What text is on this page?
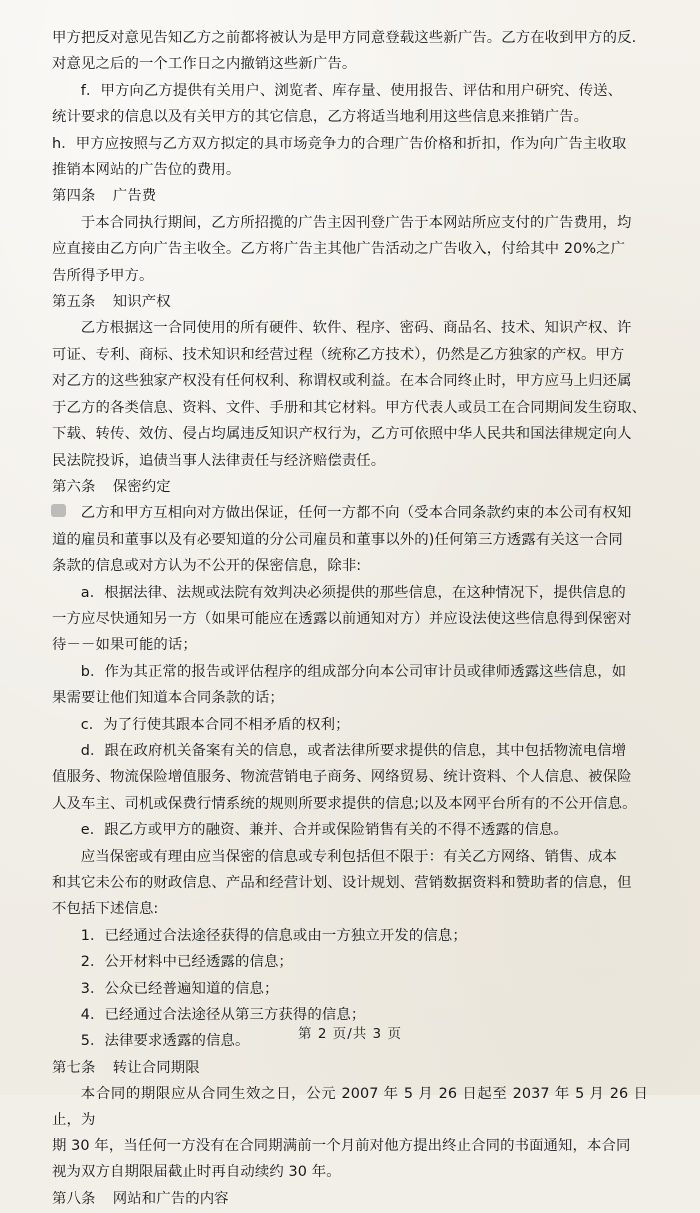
甲方把反对意见告知乙方之前都将被认为是甲方同意登载这些新广告。乙方在收到甲方的反.

对意见之后的一个工作日之内撤销这些新广告。

f．甲方向乙方提供有关用户、浏览者、库存量、使用报告、评估和用户研究、传送、

统计要求的信息以及有关甲方的其它信息，乙方将适当地利用这些信息来推销广告。

h．甲方应按照与乙方双方拟定的具市场竞争力的合理广告价格和折扣，作为向广告主收取

推销本网站的广告位的费用。

第四条 广告费

于本合同执行期间，乙方所招揽的广告主因刊登广告于本网站所应支付的广告费用，均

应直接由乙方向广告主收全。乙方将广告主其他广告活动之广告收入，付给其中 20%之广

告所得予甲方。

第五条 知识产权

乙方根据这一合同使用的所有硬件、软件、程序、密码、商品名、技术、知识产权、许

可证、专利、商标、技术知识和经营过程（统称乙方技术），仍然是乙方独家的产权。甲方

对乙方的这些独家产权没有任何权利、称谓权或利益。在本合同终止时，甲方应马上归还属

于乙方的各类信息、资料、文件、手册和其它材料。甲方代表人或员工在合同期间发生窃取、

下载、转传、效仿、侵占均属违反知识产权行为，乙方可依照中华人民共和国法律规定向人

民法院投诉，追债当事人法律责任与经济赔偿责任。

第六条 保密约定

乙方和甲方互相向对方做出保证，任何一方都不向（受本合同条款约束的本公司有权知

道的雇员和董事以及有必要知道的分公司雇员和董事以外的)任何第三方透露有关这一合同

条款的信息或对方认为不公开的保密信息，除非:

a．根据法律、法规或法院有效判决必须提供的那些信息，在这种情况下，提供信息的

一方应尽快通知另一方（如果可能应在透露以前通知对方）并应设法使这些信息得到保密对

待－－如果可能的话；

b．作为其正常的报告或评估程序的组成部分向本公司审计员或律师透露这些信息，如

果需要让他们知道本合同条款的话；

c．为了行使其跟本合同不相矛盾的权利；

d．跟在政府机关备案有关的信息，或者法律所要求提供的信息，其中包括物流电信增

值服务、物流保险增值服务、物流营销电子商务、网络贸易、统计资料、个人信息、被保险

人及车主、司机或保费行情系统的规则所要求提供的信息;以及本网平台所有的不公开信息。

e．跟乙方或甲方的融资、兼并、合并或保险销售有关的不得不透露的信息。

应当保密或有理由应当保密的信息或专利包括但不限于：有关乙方网络、销售、成本

和其它未公布的财政信息、产品和经营计划、设计规划、营销数据资料和赞助者的信息，但

不包括下述信息:

1．已经通过合法途径获得的信息或由一方独立开发的信息；

2．公开材料中已经透露的信息；

3．公众已经普遍知道的信息；

4．已经通过合法途径从第三方获得的信息；

5．法律要求透露的信息。

第七条 转让合同期限

本合同的期限应从合同生效之日，公元 2007 年 5 月 26 日起至 2037 年 5 月 26 日止，为

期 30 年，当任何一方没有在合同期满前一个月前对他方提出终止合同的书面通知，本合同

视为双方自期限届截止时再自动续约 30 年。

第八条 网站和广告的内容

第 2 页/共 3 页
